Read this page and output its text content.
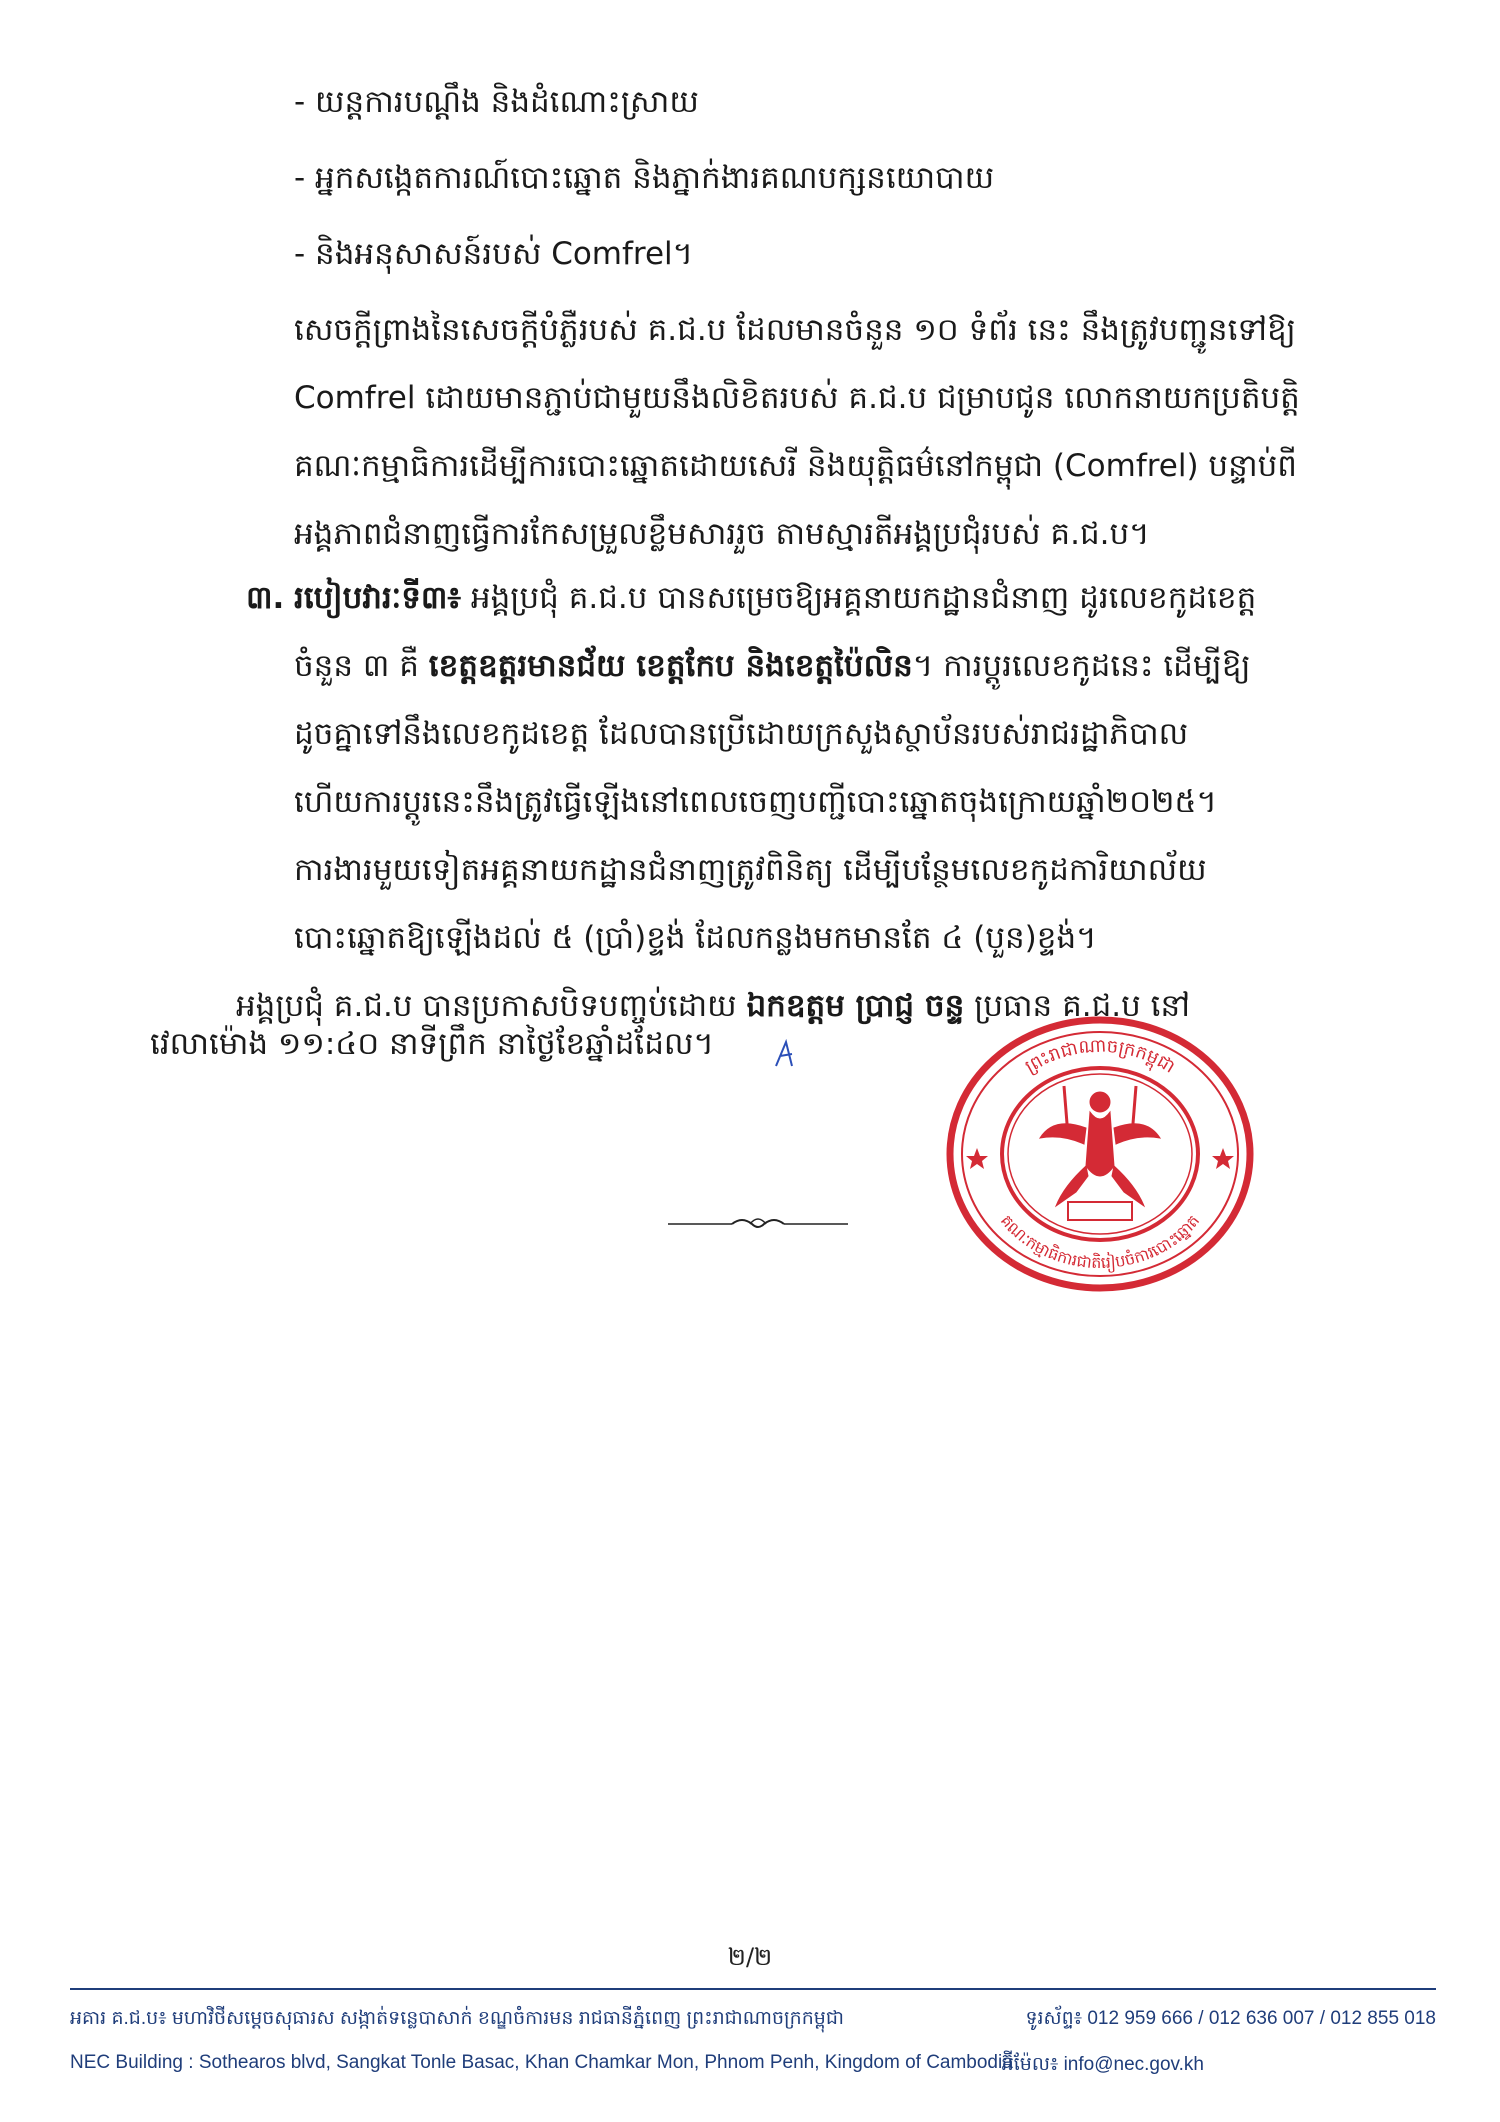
- យន្តការបណ្តឹង និងដំណោះស្រាយ
- អ្នកសង្កេតការណ៍បោះឆ្នោត និងភ្នាក់ងារគណបក្សនយោបាយ
- និងអនុសាសន៍របស់ Comfrel។
សេចក្តីព្រាងនៃសេចក្តីបំភ្លឺរបស់ គ.ជ.ប ដែលមានចំនួន ១០ ទំព័រ នេះ នឹងត្រូវបញ្ជូនទៅឱ្យ
Comfrel ដោយមានភ្ជាប់ជាមួយនឹងលិខិតរបស់ គ.ជ.ប ជម្រាបជូន លោកនាយកប្រតិបត្តិ
គណៈកម្មាធិការដើម្បីការបោះឆ្នោតដោយសេរី និងយុត្តិធម៌នៅកម្ពុជា (Comfrel) បន្ទាប់ពី
អង្គភាពជំនាញធ្វើការកែសម្រួលខ្លឹមសាររួច តាមស្មារតីអង្គប្រជុំរបស់ គ.ជ.ប។
៣. របៀបវារៈទី៣៖ អង្គប្រជុំ គ.ជ.ប បានសម្រេចឱ្យអគ្គនាយកដ្ឋានជំនាញ ដូរលេខកូដខេត្ត
ចំនួន ៣ គឺ ខេត្តឧត្តរមានជ័យ ខេត្តកែប និងខេត្តប៉ៃលិន។ ការប្តូរលេខកូដនេះ ដើម្បីឱ្យ
ដូចគ្នាទៅនឹងលេខកូដខេត្ត ដែលបានប្រើដោយក្រសួងស្ថាប័នរបស់រាជរដ្ឋាភិបាល
ហើយការប្តូរនេះនឹងត្រូវធ្វើឡើងនៅពេលចេញបញ្ជីបោះឆ្នោតចុងក្រោយឆ្នាំ២០២៥។
ការងារមួយទៀតអគ្គនាយកដ្ឋានជំនាញត្រូវពិនិត្យ ដើម្បីបន្ថែមលេខកូដការិយាល័យ
បោះឆ្នោតឱ្យឡើងដល់ ៥ (ប្រាំ)ខ្ទង់ ដែលកន្លងមកមានតែ ៤ (បួន)ខ្ទង់។
អង្គប្រជុំ គ.ជ.ប បានប្រកាសបិទបញ្ចប់ដោយ ឯកឧត្តម ប្រាជ្ញ ចន្ទ ប្រធាន គ.ជ.ប នៅ
វេលាម៉ោង ១១:៤០ នាទីព្រឹក នាថ្ងៃខែឆ្នាំដដែល។
ព្រះរាជាណាចក្រកម្ពុជា
គណៈកម្មាធិការជាតិរៀបចំការបោះឆ្នោត
២/២
អគារ គ.ជ.ប៖ មហាវិថីសម្តេចសុធារស សង្កាត់ទន្លេបាសាក់ ខណ្ឌចំការមន រាជធានីភ្នំពេញ ព្រះរាជាណាចក្រកម្ពុជា	ទូរស័ព្ទ៖ 012 959 666 / 012 636 007 / 012 855 018
NEC Building : Sothearos blvd, Sangkat Tonle Basac, Khan Chamkar Mon, Phnom Penh, Kingdom of Cambodia
អ៊ីម៉ែល៖ info@nec.gov.kh
